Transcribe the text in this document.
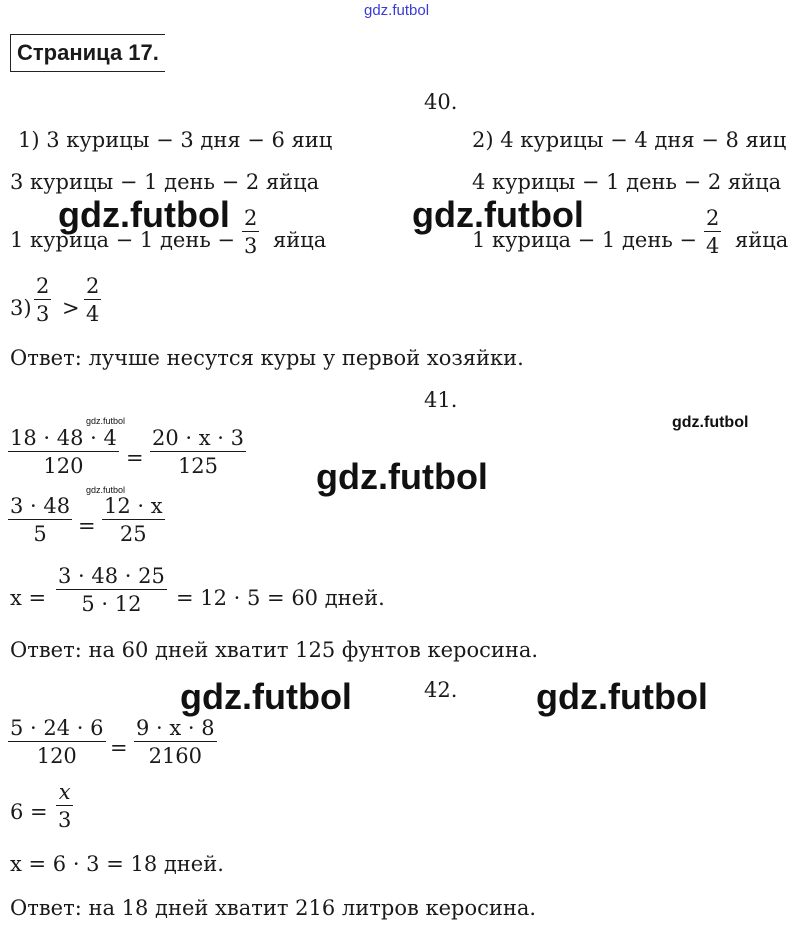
gdz.futbol
Страница 17.
40.
1) 3 курицы − 3 дня − 6 яиц	2) 4 курицы − 4 дня − 8 яиц
3 курицы − 1 день − 2 яйца	4 курицы − 1 день − 2 яйца
gdz.futbol	gdz.futbol
1 курица − 1 день − $\frac{2}{3}$ яйца	1 курица − 1 день − $\frac{2}{4}$ яйца
$3) \frac{2}{3} > \frac{2}{4}$
Ответ: лучше несутся куры у первой хозяйки.
41.
gdz.futbol
gdz.futbol
$\frac{18 \cdot 48 \cdot 4}{120} = \frac{20 \cdot x \cdot 3}{125}$ gdz.futbol
gdz.futbol
$\frac{3 \cdot 48}{5} = \frac{12 \cdot x}{25}$
$x = \frac{3 \cdot 48 \cdot 25}{5 \cdot 12} = 12 \cdot 5 = 60$ дней.
Ответ: на 60 дней хватит 125 фунтов керосина.
gdz.futbol	42. gdz.futbol
$\frac{5 \cdot 24 \cdot 6}{120} = \frac{9 \cdot x \cdot 8}{2160}$
$6 = \frac{x}{3}$
x = 6 · 3 = 18 дней.
Ответ: на 18 дней хватит 216 литров керосина.
